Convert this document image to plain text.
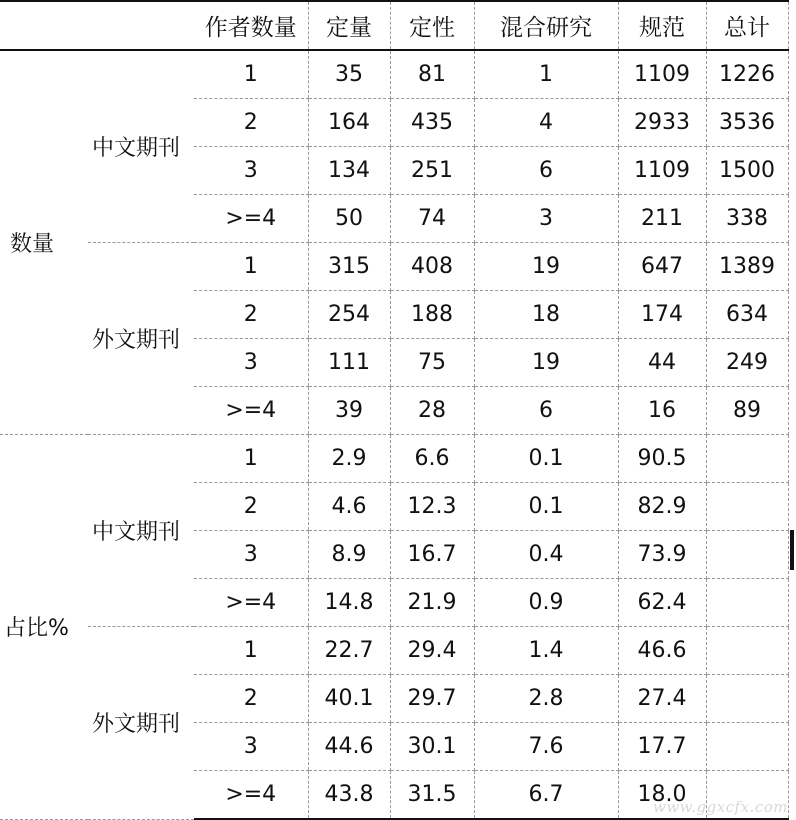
		作者数量	定量	定性	混合研究	规范	总计
数量	中文期刊	1	35	81	1	1109	1226
		2	164	435	4	2933	3536
		3	134	251	6	1109	1500
		>=4	50	74	3	211	338
	外文期刊	1	315	408	19	647	1389
		2	254	188	18	174	634
		3	111	75	19	44	249
		>=4	39	28	6	16	89
占比%	中文期刊	1	2.9	6.6	0.1	90.5	
		2	4.6	12.3	0.1	82.9	
		3	8.9	16.7	0.4	73.9	
		>=4	14.8	21.9	0.9	62.4	
	外文期刊	1	22.7	29.4	1.4	46.6	
		2	40.1	29.7	2.8	27.4	
		3	44.6	30.1	7.6	17.7	
		>=4	43.8	31.5	6.7	18.0	
www.ggxcfx.com
